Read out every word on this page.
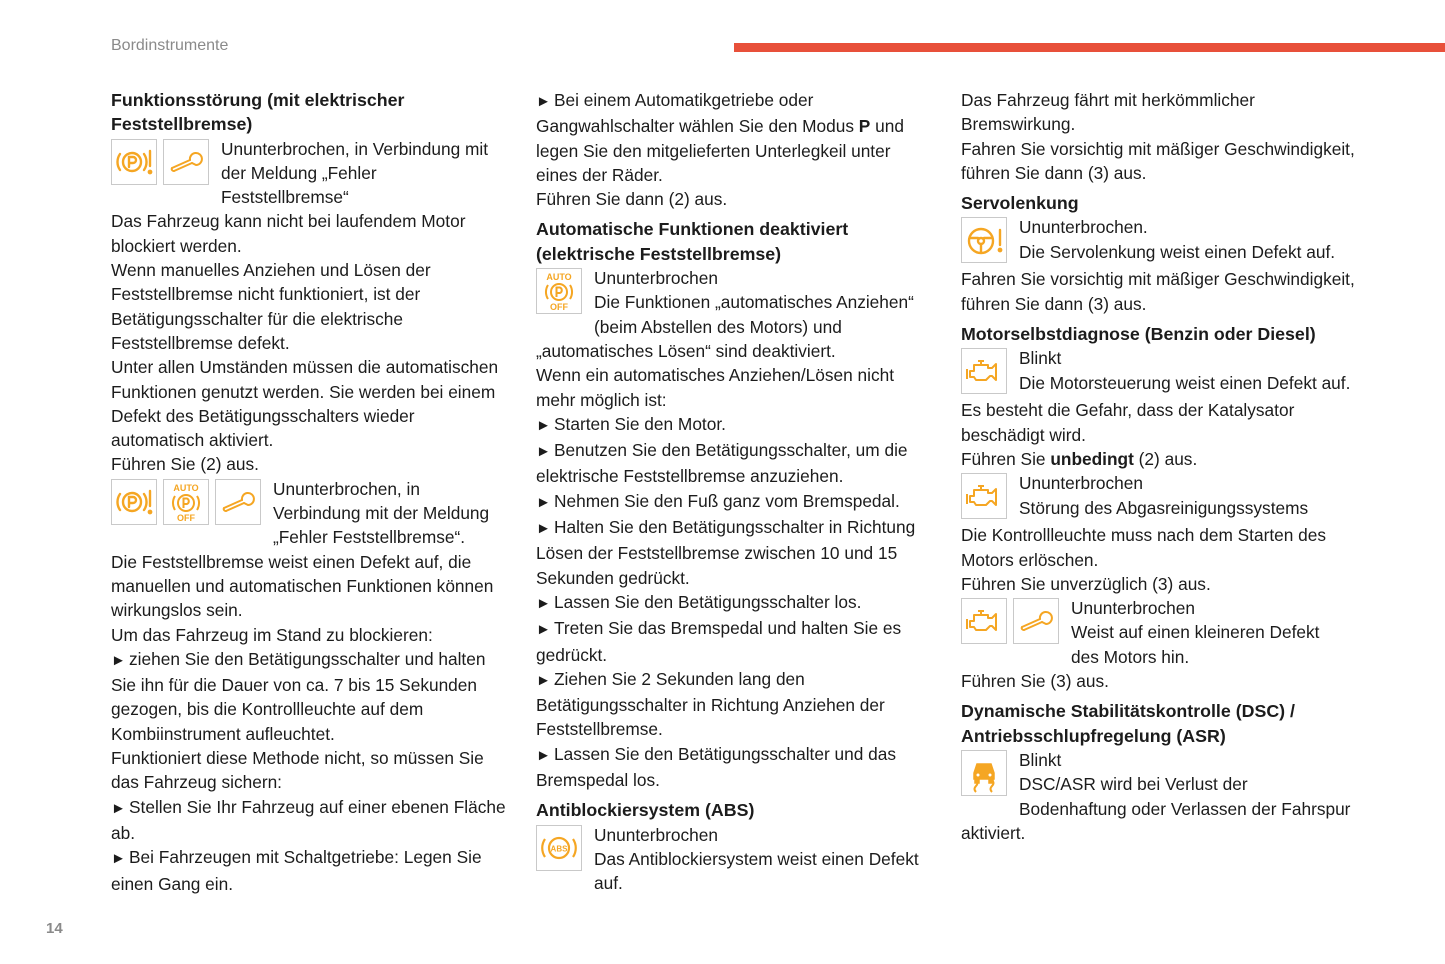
Bordinstrumente
14
Funktionsstörung (mit elektrischer Feststellbremse)

Ununterbrochen, in Verbindung mit

der Meldung „Fehler

Feststellbremse“

Das Fahrzeug kann nicht bei laufendem Motor blockiert werden.

Wenn manuelles Anziehen und Lösen der Feststellbremse nicht funktioniert, ist der Betätigungsschalter für die elektrische Feststellbremse defekt.

Unter allen Umständen müssen die automatischen Funktionen genutzt werden. Sie werden bei einem Defekt des Betätigungsschalters wieder automatisch aktiviert.

Führen Sie (2) aus.

Ununterbrochen, in

Verbindung mit der Meldung

„Fehler Feststellbremse“.

Die Feststellbremse weist einen Defekt auf, die manuellen und automatischen Funktionen können wirkungslos sein.

Um das Fahrzeug im Stand zu blockieren:

► ziehen Sie den Betätigungsschalter und halten Sie ihn für die Dauer von ca. 7 bis 15 Sekunden gezogen, bis die Kontrollleuchte auf dem Kombiinstrument aufleuchtet.

Funktioniert diese Methode nicht, so müssen Sie das Fahrzeug sichern:

► Stellen Sie Ihr Fahrzeug auf einer ebenen Fläche ab.

► Bei Fahrzeugen mit Schaltgetriebe: Legen Sie einen Gang ein.

► Bei einem Automatikgetriebe oder Gangwahlschalter wählen Sie den Modus P und legen Sie den mitgelieferten Unterlegkeil unter eines der Räder.

Führen Sie dann (2) aus.

Automatische Funktionen deaktiviert (elektrische Feststellbremse)

Ununterbrochen

Die Funktionen „automatisches Anziehen“

(beim Abstellen des Motors) und „automatisches Lösen“ sind deaktiviert.

Wenn ein automatisches Anziehen/Lösen nicht mehr möglich ist:

► Starten Sie den Motor.

► Benutzen Sie den Betätigungsschalter, um die elektrische Feststellbremse anzuziehen.

► Nehmen Sie den Fuß ganz vom Bremspedal.

► Halten Sie den Betätigungsschalter in Richtung Lösen der Feststellbremse zwischen 10 und 15 Sekunden gedrückt.

► Lassen Sie den Betätigungsschalter los.

► Treten Sie das Bremspedal und halten Sie es gedrückt.

► Ziehen Sie 2 Sekunden lang den Betätigungsschalter in Richtung Anziehen der Feststellbremse.

► Lassen Sie den Betätigungsschalter und das Bremspedal los.

Antiblockiersystem (ABS)

Ununterbrochen

Das Antiblockiersystem weist einen Defekt

auf.

Das Fahrzeug fährt mit herkömmlicher Bremswirkung.

Fahren Sie vorsichtig mit mäßiger Geschwindigkeit, führen Sie dann (3) aus.

Servolenkung

Ununterbrochen.

Die Servolenkung weist einen Defekt auf.

Fahren Sie vorsichtig mit mäßiger Geschwindigkeit, führen Sie dann (3) aus.

Motorselbstdiagnose (Benzin oder Diesel)

Blinkt

Die Motorsteuerung weist einen Defekt auf.

Es besteht die Gefahr, dass der Katalysator beschädigt wird.

Führen Sie unbedingt (2) aus.

Ununterbrochen

Störung des Abgasreinigungssystems

Die Kontrollleuchte muss nach dem Starten des Motors erlöschen.

Führen Sie unverzüglich (3) aus.

Ununterbrochen

Weist auf einen kleineren Defekt

des Motors hin.

Führen Sie (3) aus.

Dynamische Stabilitätskontrolle (DSC) / Antriebsschlupfregelung (ASR)

Blinkt

DSC/ASR wird bei Verlust der

Bodenhaftung oder Verlassen der Fahrspur aktiviert.
